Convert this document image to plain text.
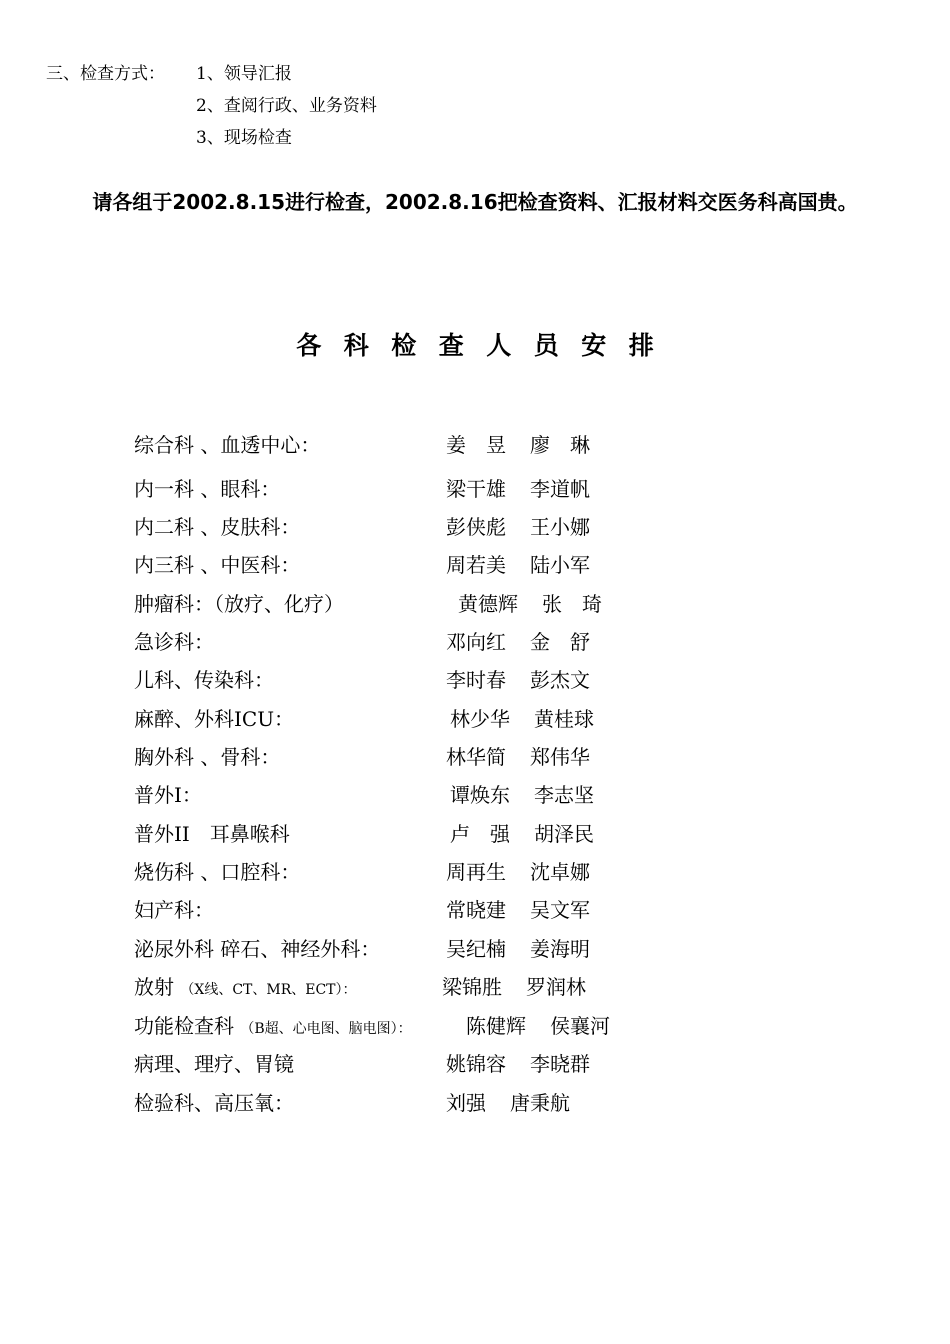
三、检查方式： 1、领导汇报
2、查阅行政、业务资料
3、现场检查
请各组于2002.8.15进行检查，2002.8.16把检查资料、汇报材料交医务科高国贵。
各科检查人员安排
综合科 、血透中心：	姜　昱 廖　琳
内一科 、眼科：	梁干雄 李道帆
内二科 、皮肤科：	彭侠彪 王小娜
内三科 、中医科：	周若美 陆小军
肿瘤科：（放疗、化疗）	黄德辉 张　琦
急诊科：	邓向红 金　舒
儿科、传染科：	李时春 彭杰文
麻醉、外科ICU：	林少华 黄桂球
胸外科 、骨科：	林华简 郑伟华
普外I：	谭焕东 李志坚
普外II　耳鼻喉科	卢　强 胡泽民
烧伤科 、口腔科：	周再生 沈卓娜
妇产科：	常晓建 吴文军
泌尿外科 碎石、神经外科：	吴纪楠 姜海明
放射 （X线、CT、MR、ECT）：	梁锦胜 罗润林
功能检查科 （B超、心电图、脑电图）：	陈健辉 侯襄河
病理、理疗、胃镜	姚锦容 李晓群
检验科、高压氧：	刘强 唐秉航
